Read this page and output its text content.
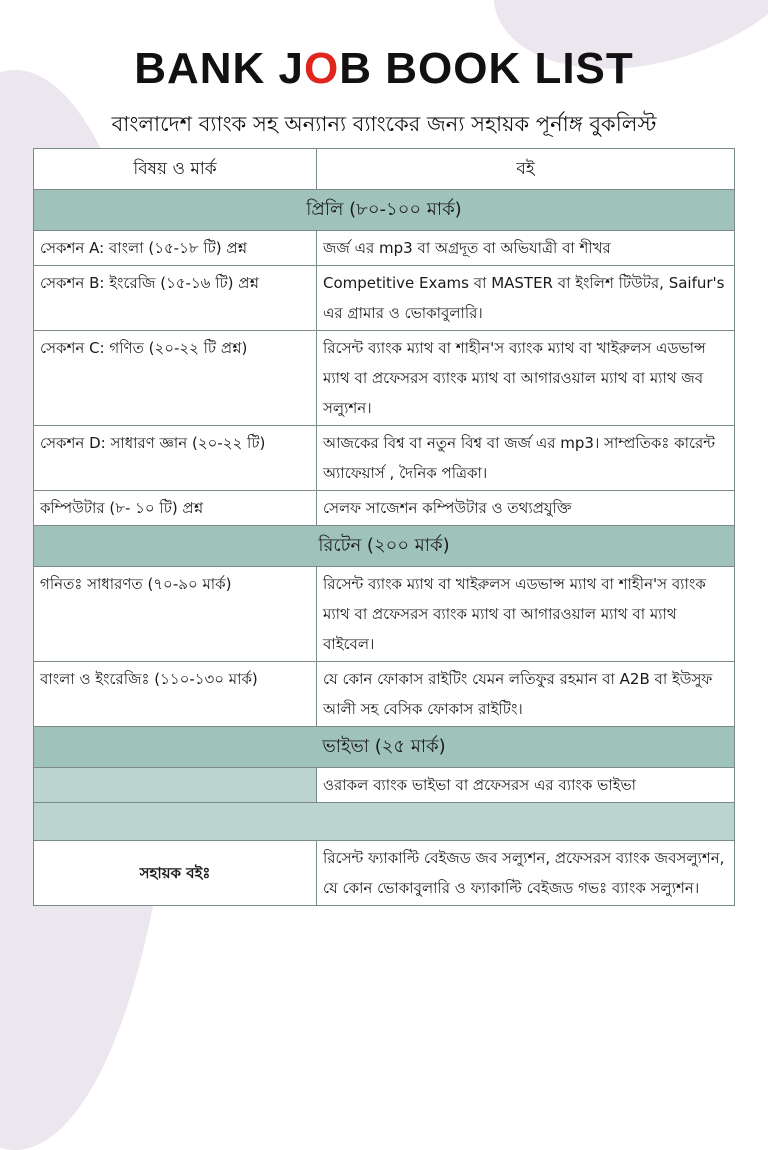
BANK JOB BOOK LIST
বাংলাদেশ ব্যাংক সহ অন্যান্য ব্যাংকের জন্য সহায়ক পূর্নাঙ্গ বুকলিস্ট
বিষয় ও মার্ক	বই
প্রিলি (৮০-১০০ মার্ক)	
সেকশন A: বাংলা (১৫-১৮ টি) প্রশ্ন	জর্জ এর mp3 বা অগ্রদূত বা অভিযাত্রী বা শীখর
সেকশন B: ইংরেজি (১৫-১৬ টি) প্রশ্ন	Competitive Exams বা MASTER বা ইংলিশ টিউটর, Saifur's এর গ্রামার ও ভোকাবুলারি।
সেকশন C: গণিত (২০-২২ টি প্রশ্ন)	রিসেন্ট ব্যাংক ম্যাথ বা শাহীন'স ব্যাংক ম্যাথ বা খাইরুলস এডভান্স ম্যাথ বা প্রফেসরস ব্যাংক ম্যাথ বা আগারওয়াল ম্যাথ বা ম্যাথ জব সল্যুশন।
সেকশন D: সাধারণ জ্ঞান (২০-২২ টি)	আজকের বিশ্ব বা নতুন বিশ্ব বা জর্জ এর mp3। সাম্প্রতিকঃ কারেন্ট অ্যাফেয়ার্স , দৈনিক পত্রিকা।
কম্পিউটার (৮- ১০ টি) প্রশ্ন	সেলফ সাজেশন কম্পিউটার ও তথ্যপ্রযুক্তি
রিটেন (২০০ মার্ক)	
গনিতঃ সাধারণত (৭০-৯০ মার্ক)	রিসেন্ট ব্যাংক ম্যাথ বা খাইরুলস এডভান্স ম্যাথ বা শাহীন'স ব্যাংক ম্যাথ বা প্রফেসরস ব্যাংক ম্যাথ বা আগারওয়াল ম্যাথ বা ম্যাথ বাইবেল।
বাংলা ও ইংরেজিঃ (১১০-১৩০ মার্ক)	যে কোন ফোকাস রাইটিং যেমন লতিফুর রহমান বা A2B বা ইউসুফ আলী সহ বেসিক ফোকাস রাইটিং।
ভাইভা (২৫ মার্ক)	
	ওরাকল ব্যাংক ভাইভা বা প্রফেসরস এর ব্যাংক ভাইভা

সহায়ক বইঃ	রিসেন্ট ফ্যাকাল্টি বেইজড জব সল্যুশন, প্রফেসরস ব্যাংক জবসল্যুশন, যে কোন ভোকাবুলারি ও ফ্যাকাল্টি বেইজড গভঃ ব্যাংক সল্যুশন।
